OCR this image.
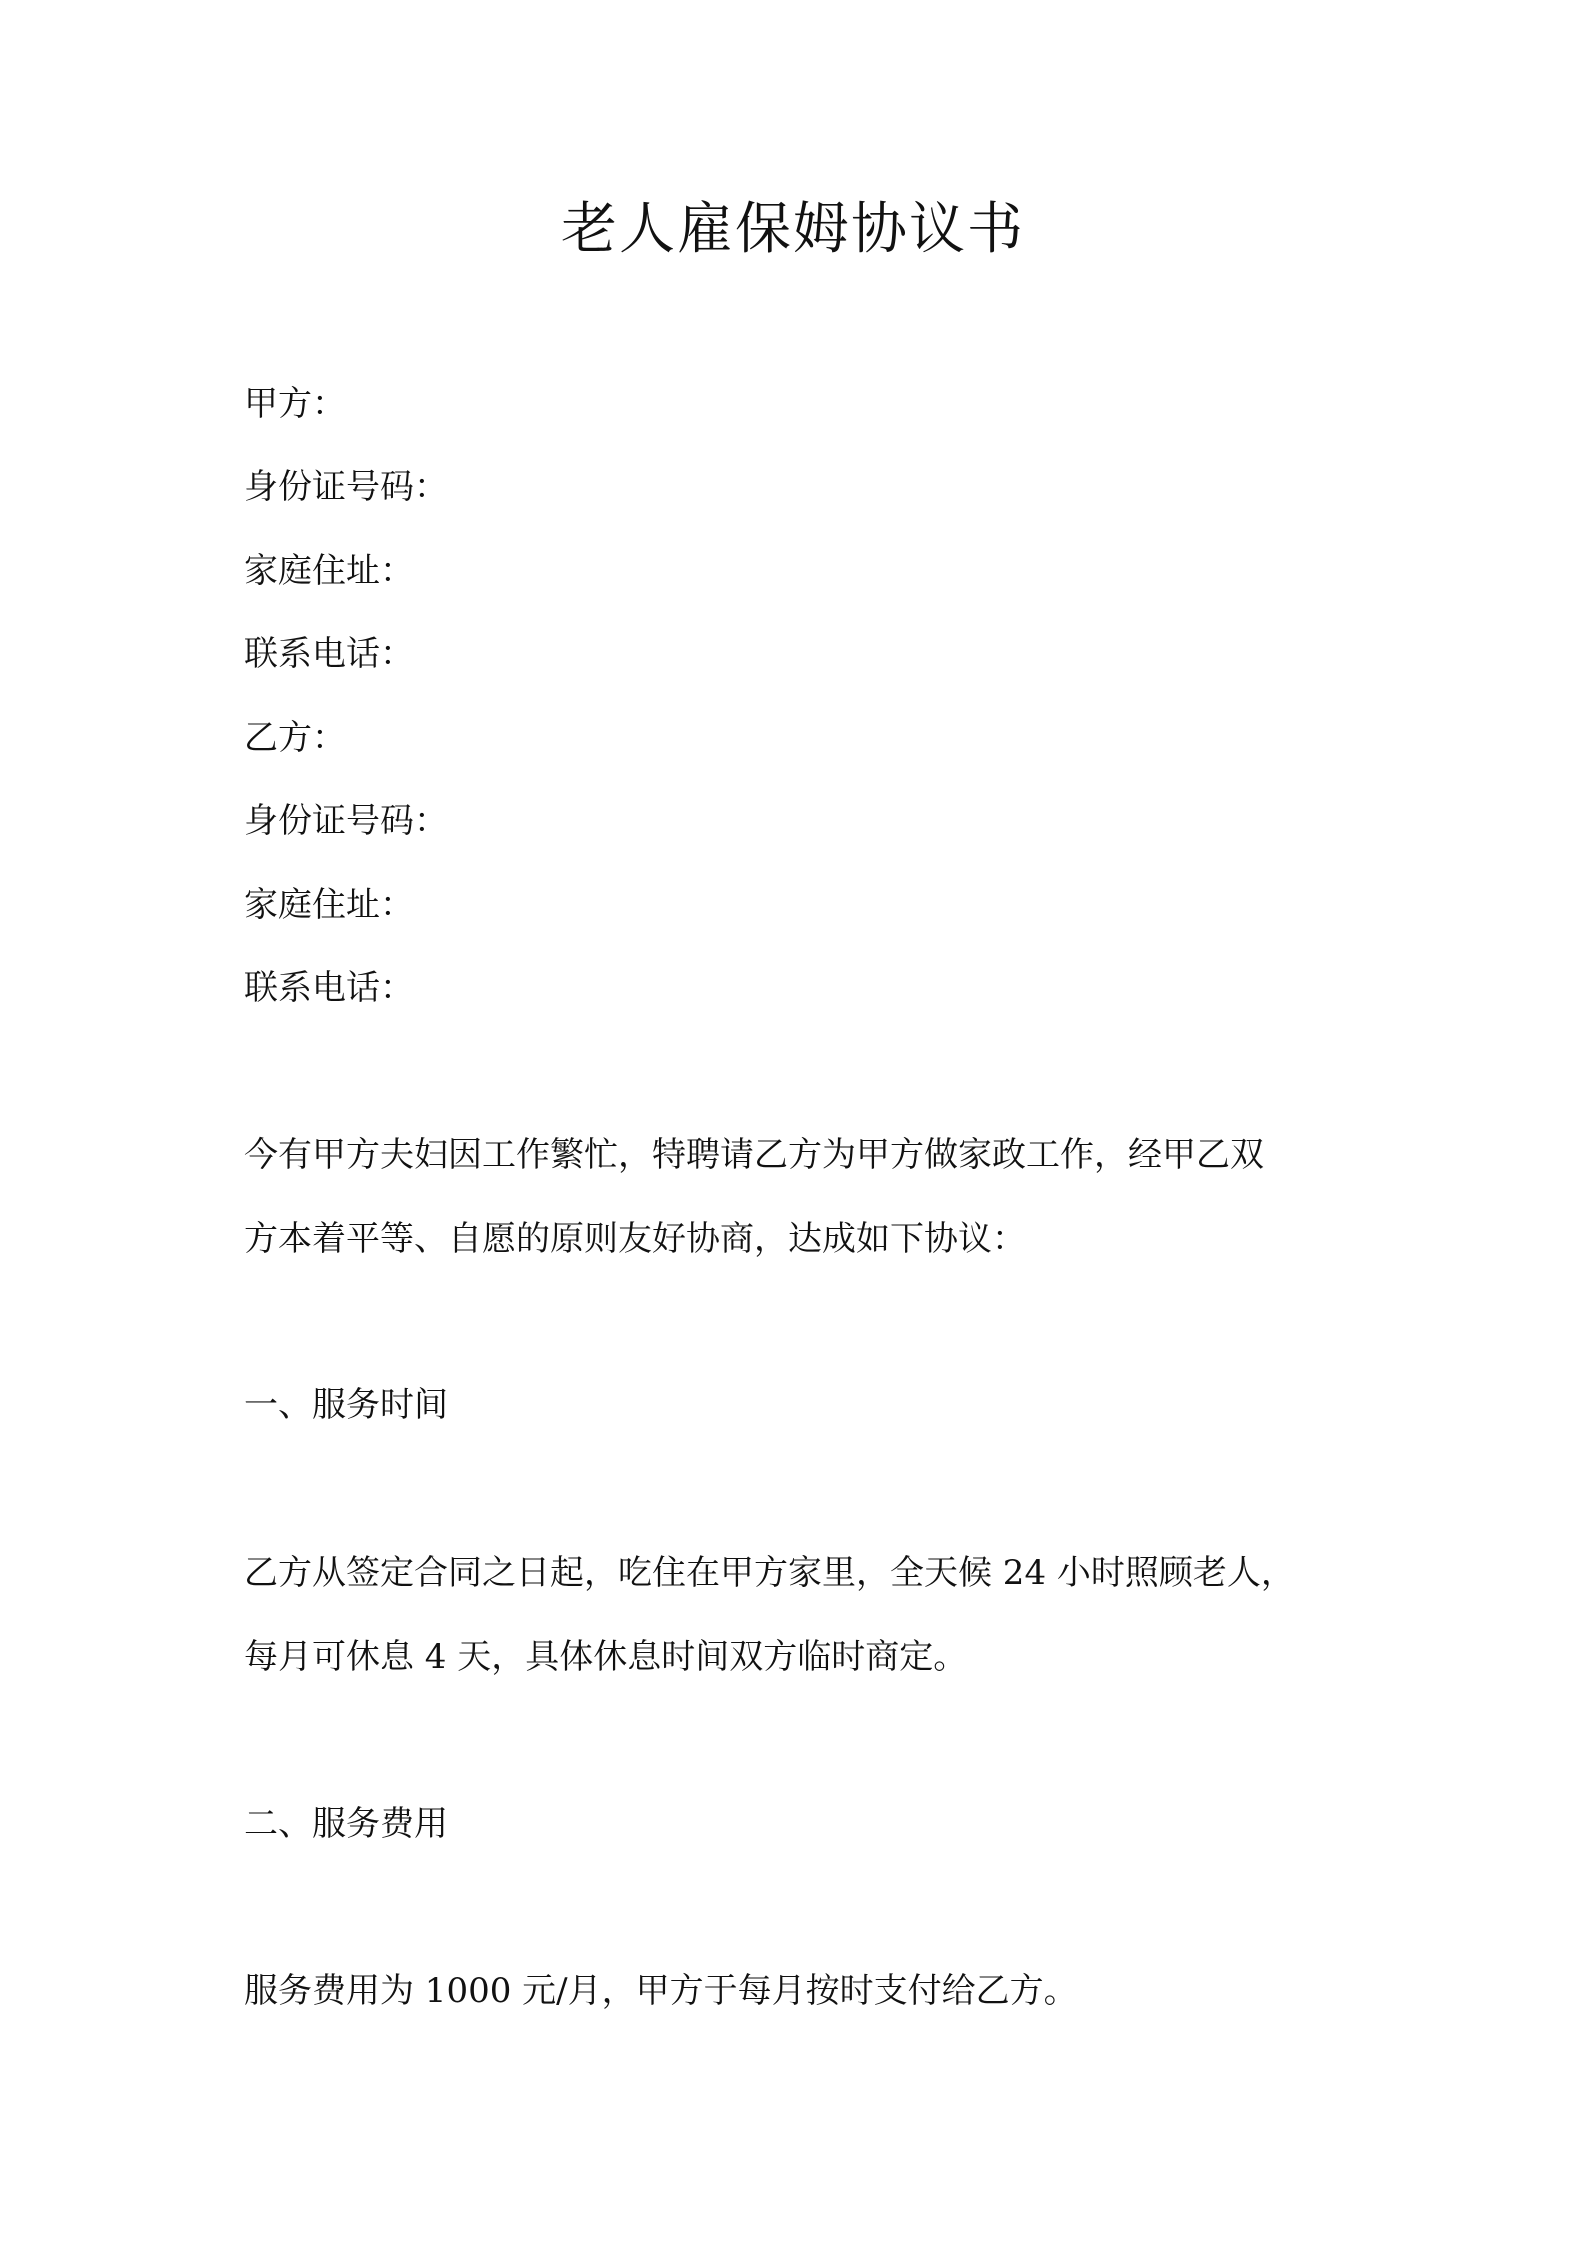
老人雇保姆协议书
甲方：
身份证号码：
家庭住址：
联系电话：
乙方：
身份证号码：
家庭住址：
联系电话：
今有甲方夫妇因工作繁忙，特聘请乙方为甲方做家政工作，经甲乙双
方本着平等、自愿的原则友好协商，达成如下协议：
一、服务时间
乙方从签定合同之日起，吃住在甲方家里，全天候 24 小时照顾老人，
每月可休息 4 天，具体休息时间双方临时商定。
二、服务费用
服务费用为 1000 元/月，甲方于每月按时支付给乙方。
